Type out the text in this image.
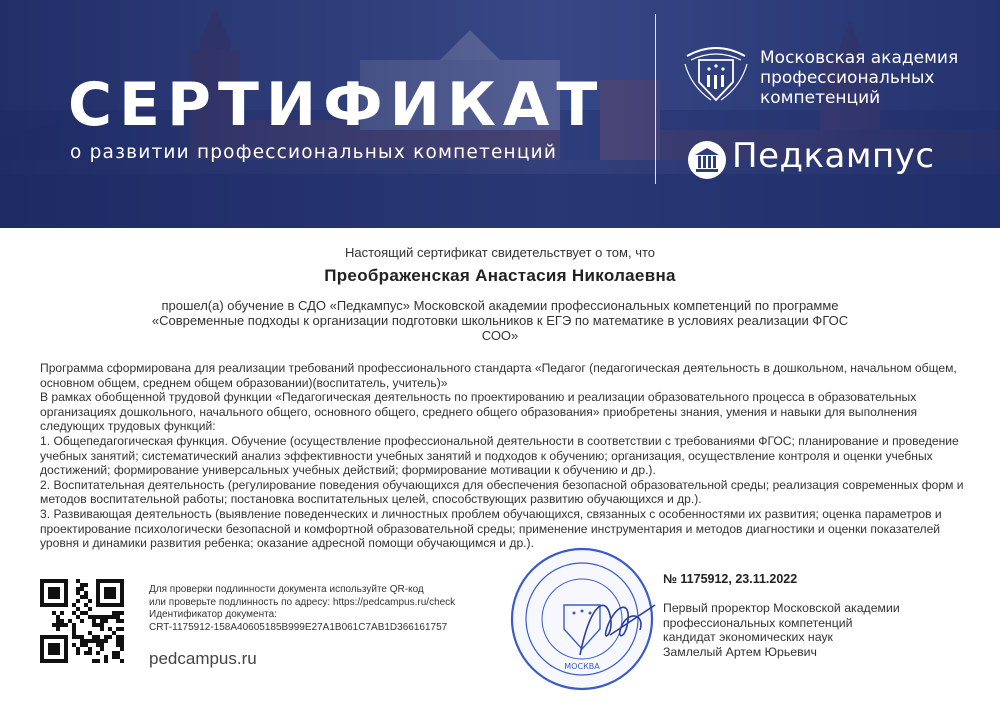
СЕРТИФИКАТ
о развитии профессиональных компетенций
Московская академия
профессиональных
компетенций
Педкампус
Настоящий сертификат свидетельствует о том, что
Преображенская Анастасия Николаевна
прошел(а) обучение в СДО «Педкампус» Московской академии профессиональных компетенций по программе
«Современные подходы к организации подготовки школьников к ЕГЭ по математике в условиях реализации ФГОС
СОО»

Программа сформирована для реализации требований профессионального стандарта «Педагог (педагогическая деятельность в дошкольном, начальном общем, основном общем, среднем общем образовании)(воспитатель, учитель)»

В рамках обобщенной трудовой функции «Педагогическая деятельность по проектированию и реализации образовательного процесса в образовательных организациях дошкольного, начального общего, основного общего, среднего общего образования» приобретены знания, умения и навыки для выполнения следующих трудовых функций:

1. Общепедагогическая функция. Обучение (осуществление профессиональной деятельности в соответствии с требованиями ФГОС; планирование и проведение учебных занятий; систематический анализ эффективности учебных занятий и подходов к обучению; организация, осуществление контроля и оценки учебных достижений; формирование универсальных учебных действий; формирование мотивации к обучению и др.).

2. Воспитательная деятельность (регулирование поведения обучающихся для обеспечения безопасной образовательной среды; реализация современных форм и методов воспитательной работы; постановка воспитательных целей, способствующих развитию обучающихся и др.).

3. Развивающая деятельность (выявление поведенческих и личностных проблем обучающихся, связанных с особенностями их развития; оценка параметров и проектирование психологически безопасной и комфортной образовательной среды; применение инструментария и методов диагностики и оценки показателей уровня и динамики развития ребенка; оказание адресной помощи обучающимся и др.).

Для проверки подлинности документа используйте QR-код
или проверьте подлинность по адресу: https://pedcampus.ru/check
Идентификатор документа:
CRT-1175912-158A40605185B999E27A1B061C7AB1D366161757
pedcampus.ru	МОСКВА
№ 1175912, 23.11.2022
Первый проректор Московской академии
профессиональных компетенций
кандидат экономических наук
Замлелый Артем Юрьевич
